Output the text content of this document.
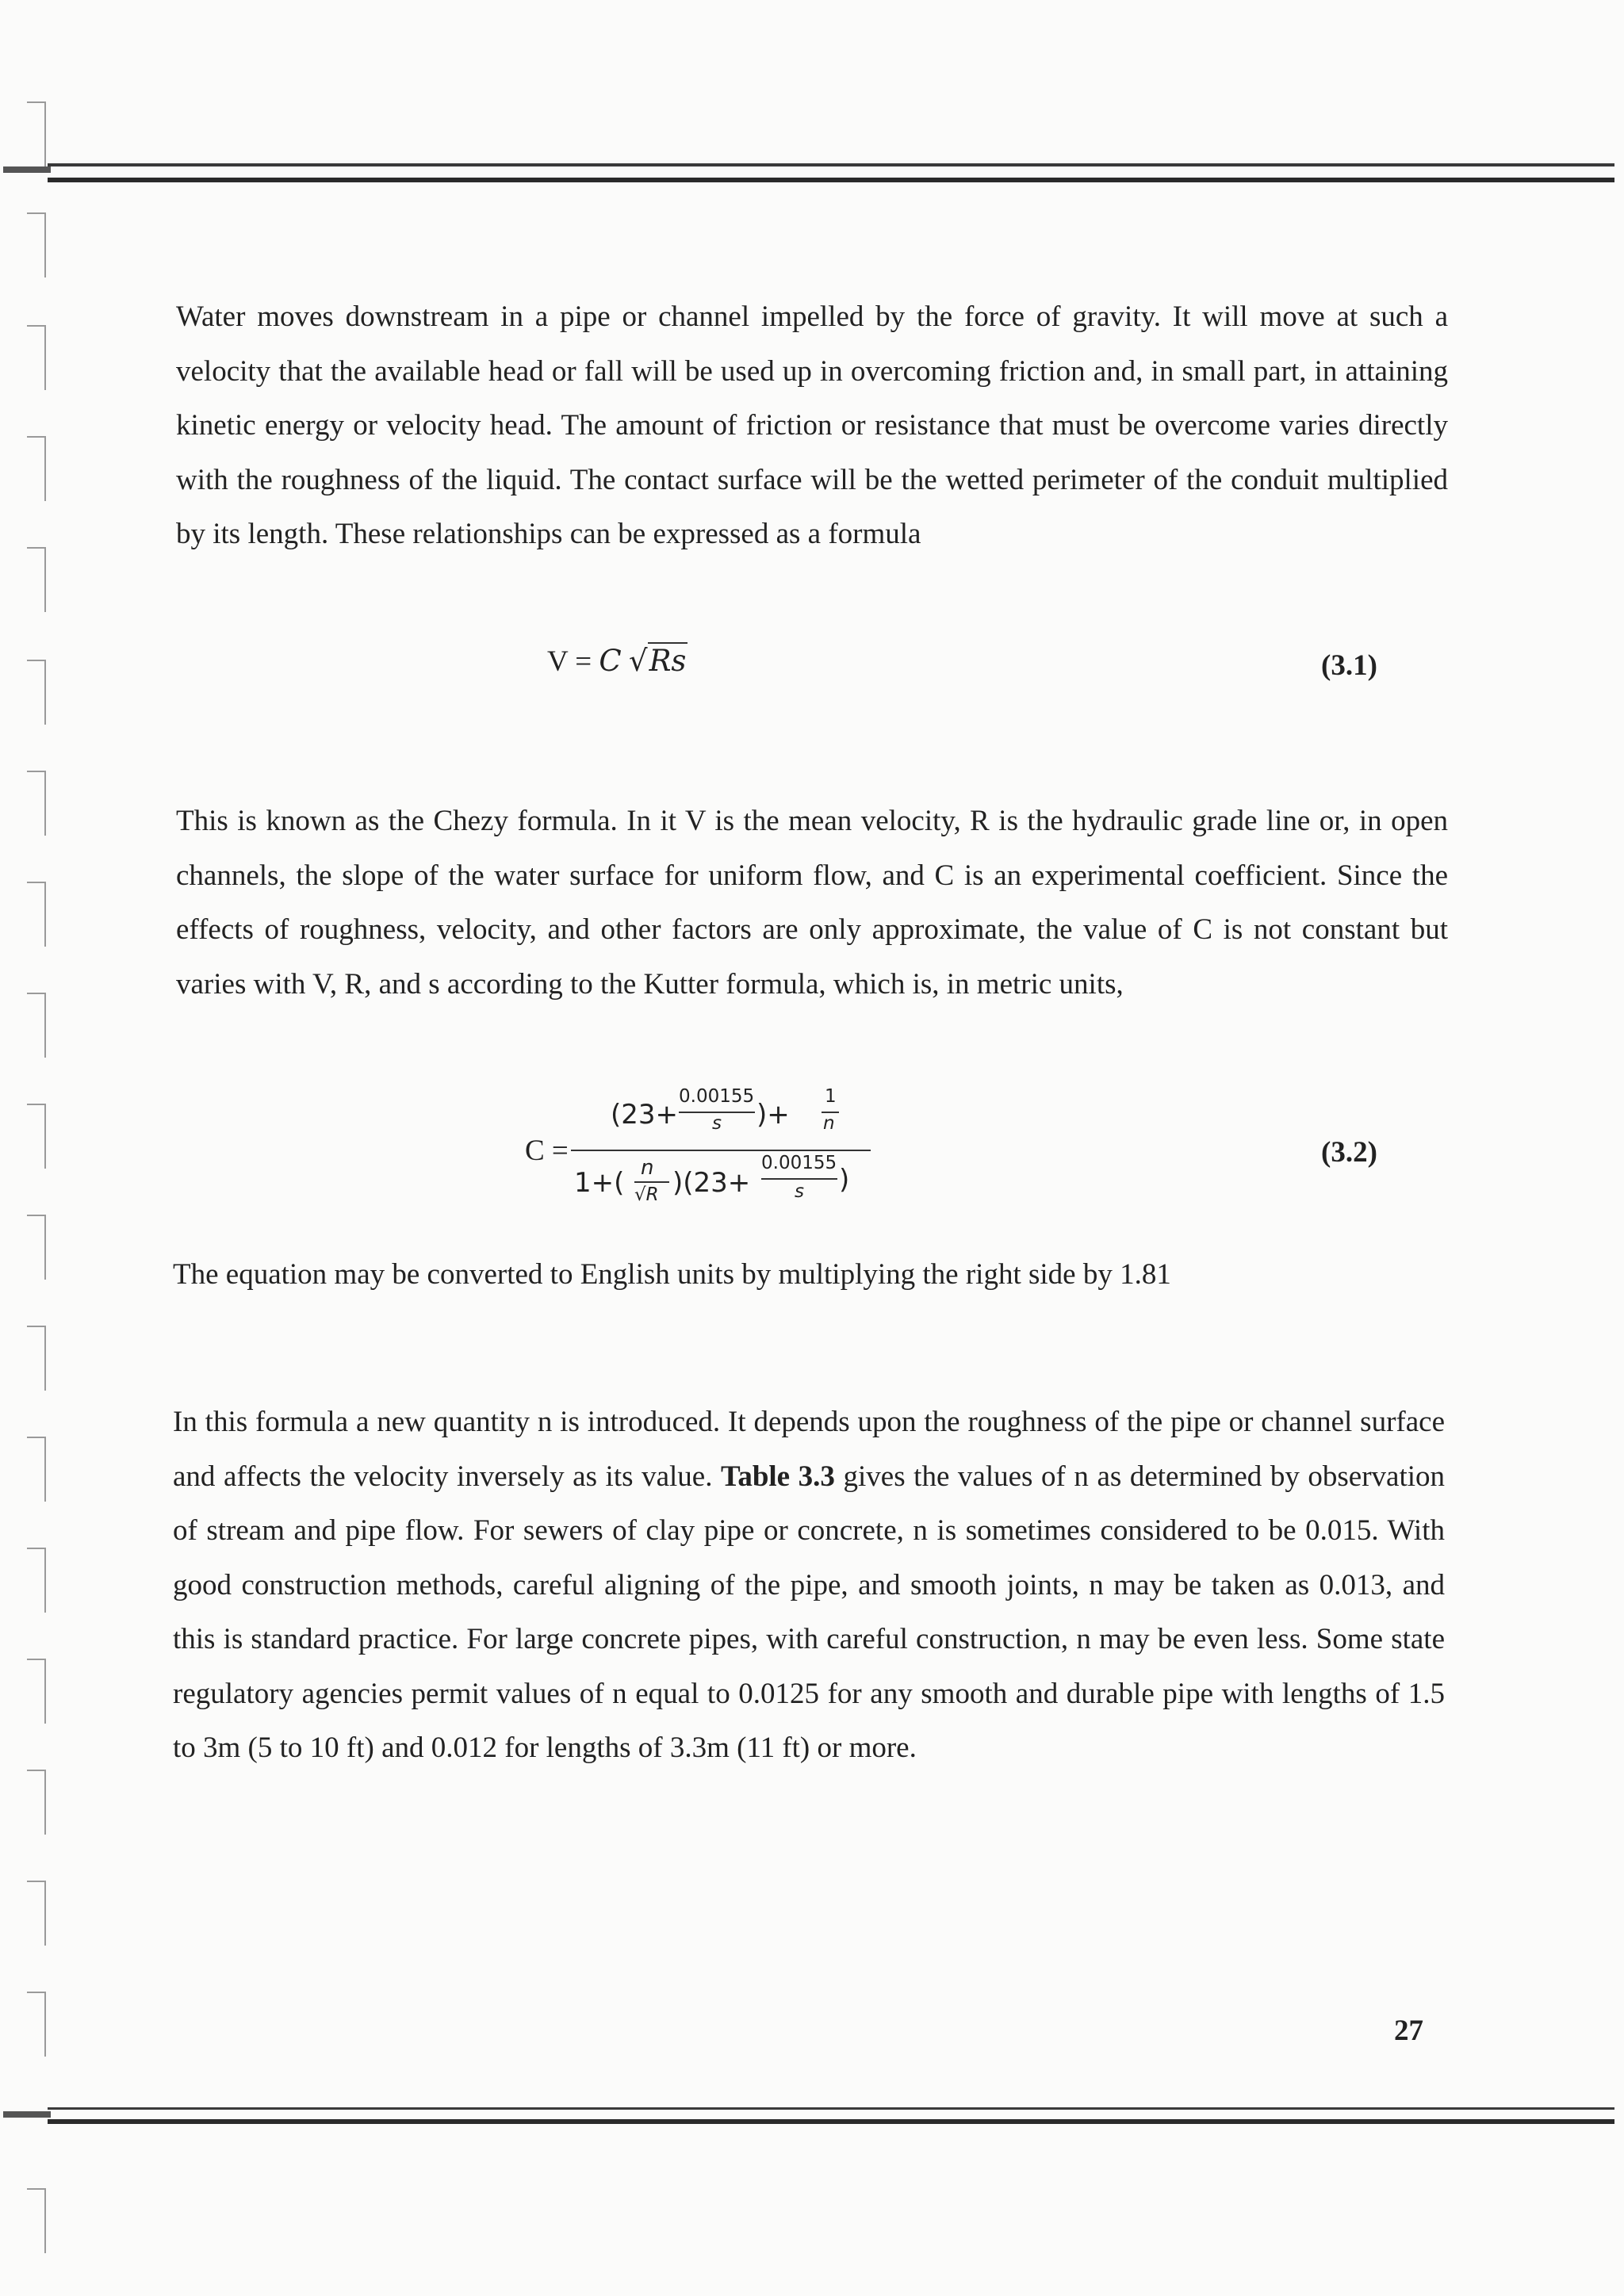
Water moves downstream in a pipe or channel impelled by the force of gravity. It will move at such a velocity that the available head or fall will be used up in overcoming friction and, in small part, in attaining kinetic energy or velocity head. The amount of friction or resistance that must be overcome varies directly with the roughness of the liquid. The contact surface will be the wetted perimeter of the conduit multiplied by its length. These relationships can be expressed as a formula

V = C √Rs	(3.1)

This is known as the Chezy formula. In it V is the mean velocity, R is the hydraulic grade line or, in open channels, the slope of the water surface for uniform flow, and C is an experimental coefficient. Since the effects of roughness, velocity, and other factors are only approximate, the value of C is not constant but varies with V, R, and s according to the Kutter formula, which is, in metric units,

C =
(23+
0.00155
s )+
1
n
1+( n
√R )(23+
0.00155
s )
(3.2)

The equation may be converted to English units by multiplying the right side by 1.81

In this formula a new quantity n is introduced. It depends upon the roughness of the pipe or channel surface and affects the velocity inversely as its value. Table 3.3 gives the values of n as determined by observation of stream and pipe flow. For sewers of clay pipe or concrete, n is sometimes considered to be 0.015. With good construction methods, careful aligning of the pipe, and smooth joints, n may be taken as 0.013, and this is standard practice. For large concrete pipes, with careful construction, n may be even less. Some state regulatory agencies permit values of n equal to 0.0125 for any smooth and durable pipe with lengths of 1.5 to 3m (5 to 10 ft) and 0.012 for lengths of 3.3m (11 ft) or more.

27
